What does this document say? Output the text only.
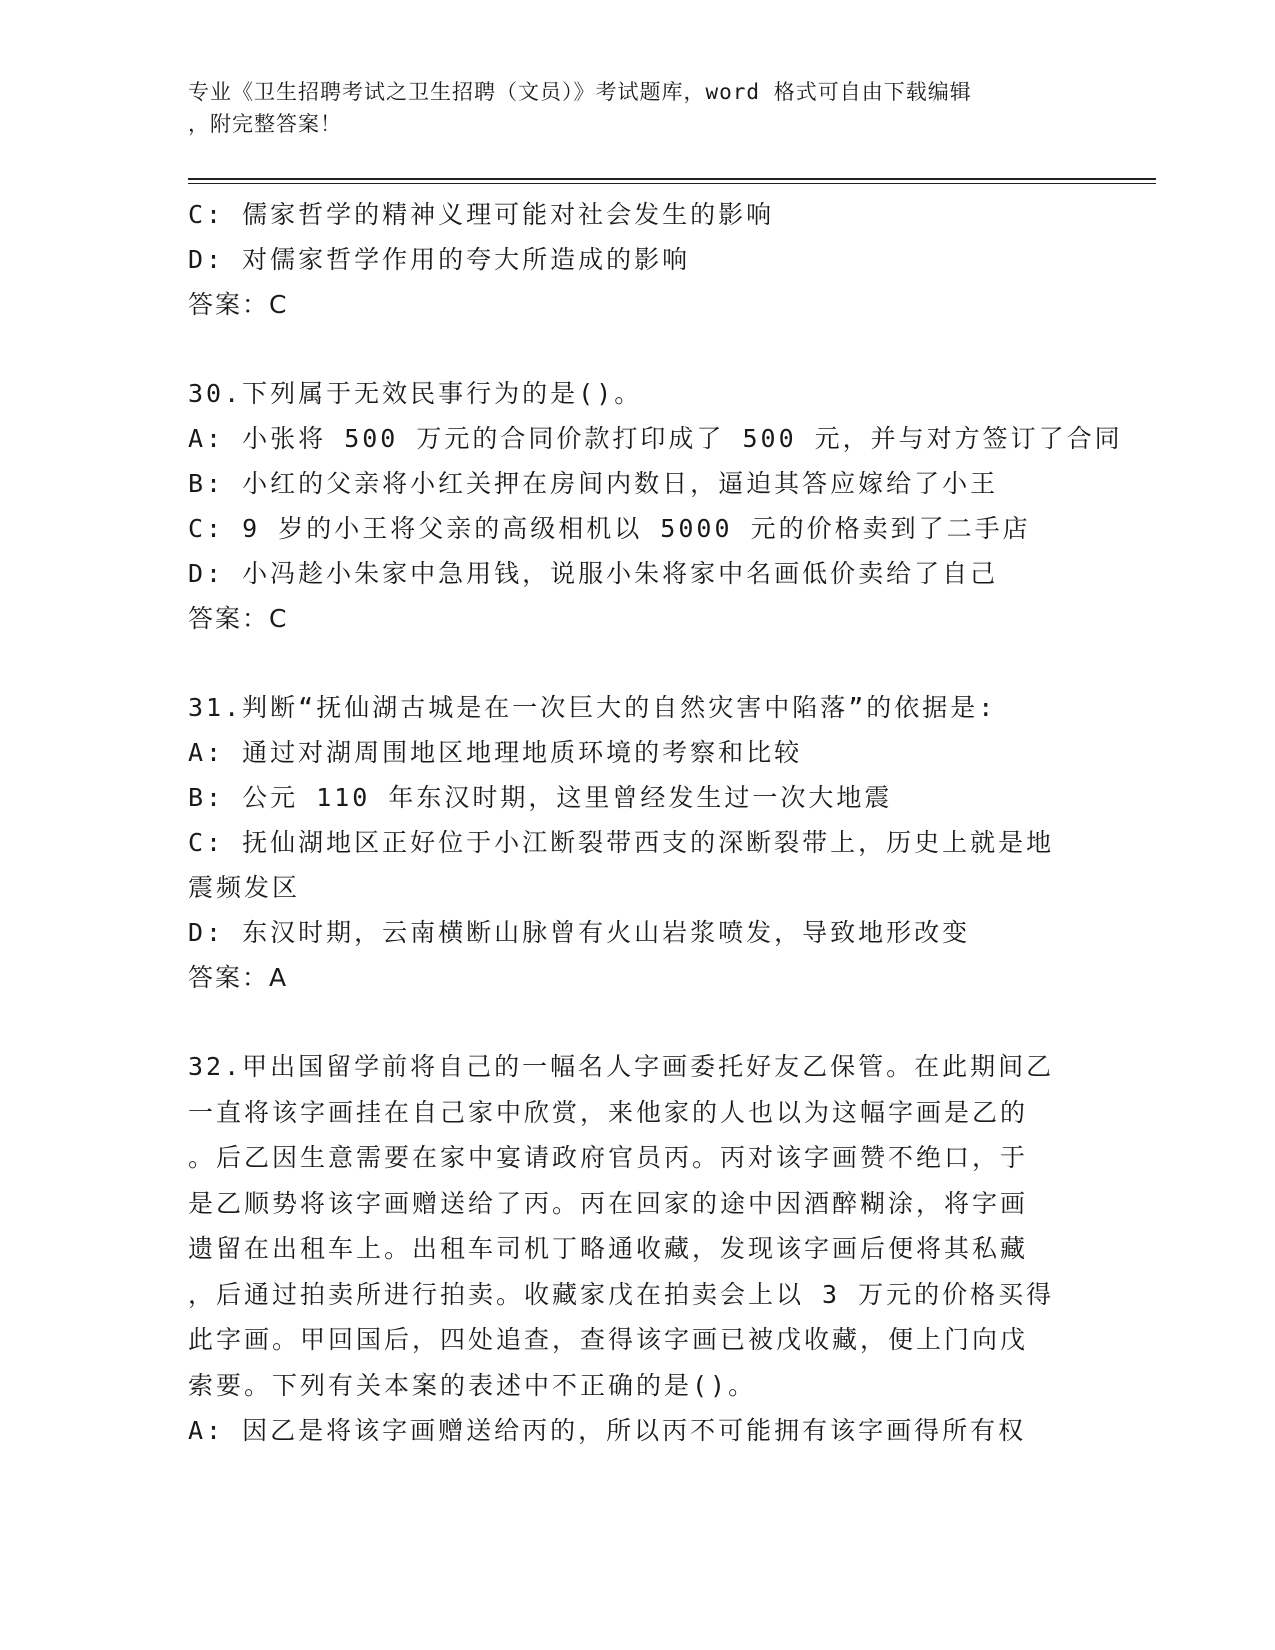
专业《卫生招聘考试之卫生招聘（文员）》考试题库，word 格式可自由下载编辑
，附完整答案！
C: 儒家哲学的精神义理可能对社会发生的影响
D: 对儒家哲学作用的夸大所造成的影响
答案：C
30.下列属于无效民事行为的是()。
A: 小张将 500 万元的合同价款打印成了 500 元，并与对方签订了合同
B: 小红的父亲将小红关押在房间内数日，逼迫其答应嫁给了小王
C: 9 岁的小王将父亲的高级相机以 5000 元的价格卖到了二手店
D: 小冯趁小朱家中急用钱，说服小朱将家中名画低价卖给了自己
答案：C
31.判断“抚仙湖古城是在一次巨大的自然灾害中陷落”的依据是:
A: 通过对湖周围地区地理地质环境的考察和比较
B: 公元 110 年东汉时期，这里曾经发生过一次大地震
C: 抚仙湖地区正好位于小江断裂带西支的深断裂带上，历史上就是地
震频发区
D: 东汉时期，云南横断山脉曾有火山岩浆喷发，导致地形改变
答案：A
32.甲出国留学前将自己的一幅名人字画委托好友乙保管。在此期间乙
一直将该字画挂在自己家中欣赏，来他家的人也以为这幅字画是乙的
。后乙因生意需要在家中宴请政府官员丙。丙对该字画赞不绝口，于
是乙顺势将该字画赠送给了丙。丙在回家的途中因酒醉糊涂，将字画
遗留在出租车上。出租车司机丁略通收藏，发现该字画后便将其私藏
，后通过拍卖所进行拍卖。收藏家戊在拍卖会上以 3 万元的价格买得
此字画。甲回国后，四处追查，查得该字画已被戊收藏，便上门向戊
索要。下列有关本案的表述中不正确的是()。
A: 因乙是将该字画赠送给丙的，所以丙不可能拥有该字画得所有权
